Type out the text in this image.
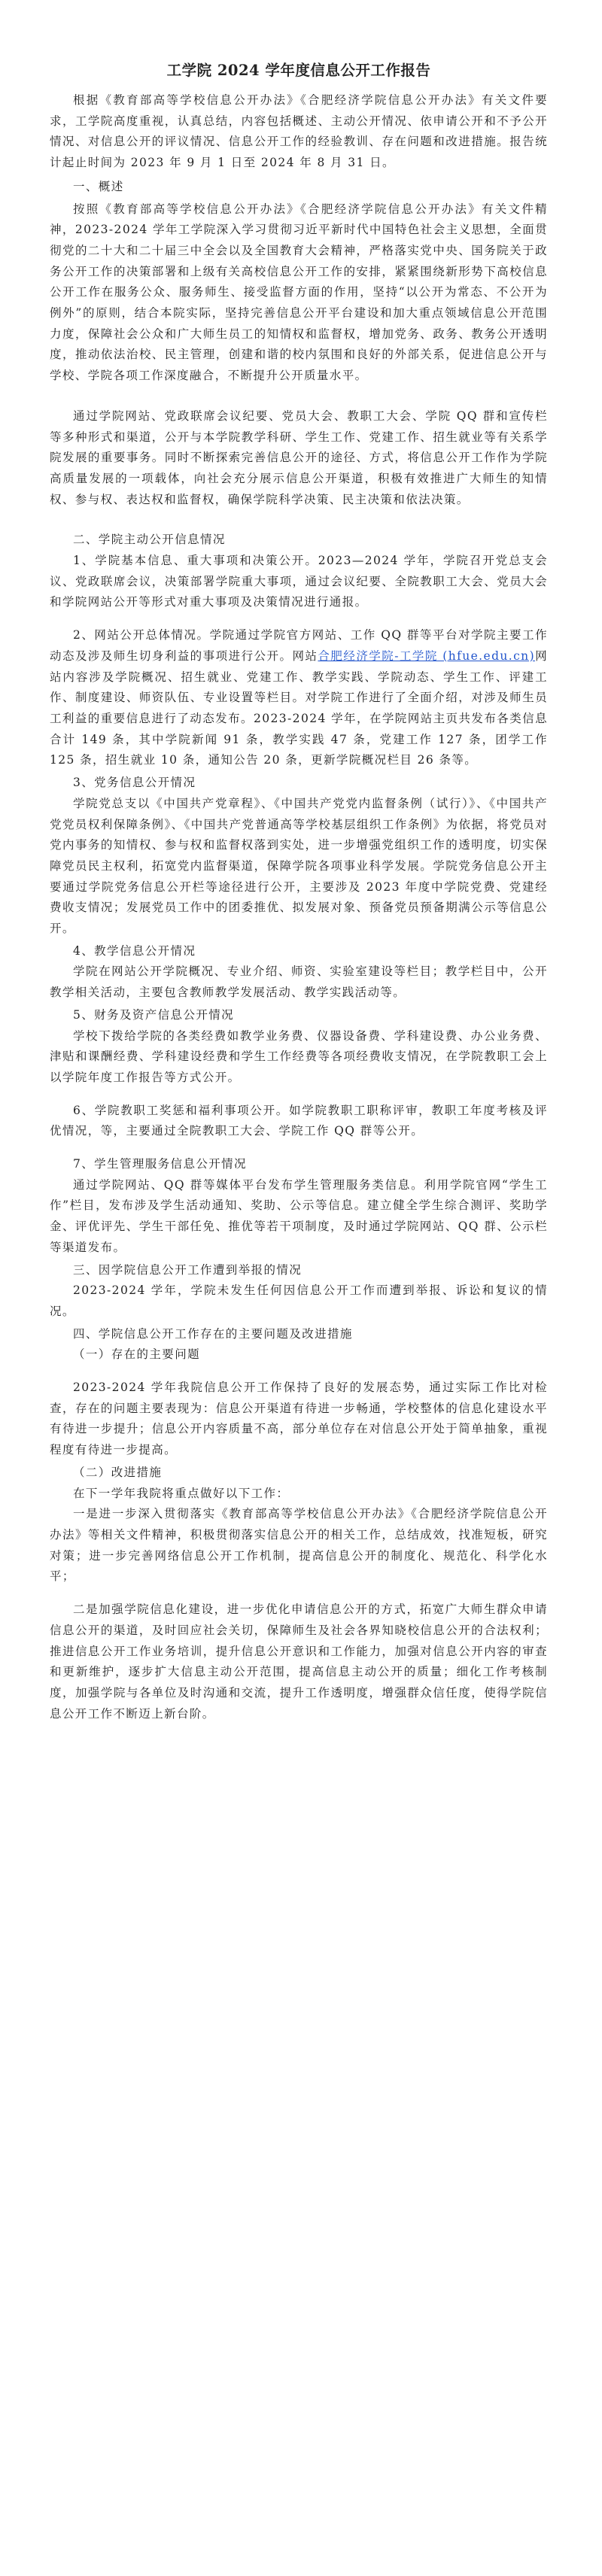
工学院 2024 学年度信息公开工作报告

根据《教育部高等学校信息公开办法》《合肥经济学院信息公开办法》有关文件要求，工学院高度重视，认真总结，内容包括概述、主动公开情况、依申请公开和不予公开情况、对信息公开的评议情况、信息公开工作的经验教训、存在问题和改进措施。报告统计起止时间为 2023 年 9 月 1 日至 2024 年 8 月 31 日。

一、概述

按照《教育部高等学校信息公开办法》《合肥经济学院信息公开办法》有关文件精神，2023-2024 学年工学院深入学习贯彻习近平新时代中国特色社会主义思想，全面贯彻党的二十大和二十届三中全会以及全国教育大会精神，严格落实党中央、国务院关于政务公开工作的决策部署和上级有关高校信息公开工作的安排，紧紧围绕新形势下高校信息公开工作在服务公众、服务师生、接受监督方面的作用，坚持“以公开为常态、不公开为例外”的原则，结合本院实际，坚持完善信息公开平台建设和加大重点领域信息公开范围力度，保障社会公众和广大师生员工的知情权和监督权，增加党务、政务、教务公开透明度，推动依法治校、民主管理，创建和谐的校内氛围和良好的外部关系，促进信息公开与学校、学院各项工作深度融合，不断提升公开质量水平。

通过学院网站、党政联席会议纪要、党员大会、教职工大会、学院 QQ 群和宣传栏等多种形式和渠道，公开与本学院教学科研、学生工作、党建工作、招生就业等有关系学院发展的重要事务。同时不断探索完善信息公开的途径、方式，将信息公开工作作为学院高质量发展的一项载体，向社会充分展示信息公开渠道，积极有效推进广大师生的知情权、参与权、表达权和监督权，确保学院科学决策、民主决策和依法决策。

二、学院主动公开信息情况

1、学院基本信息、重大事项和决策公开。2023—2024 学年，学院召开党总支会议、党政联席会议，决策部署学院重大事项，通过会议纪要、全院教职工大会、党员大会和学院网站公开等形式对重大事项及决策情况进行通报。

2、网站公开总体情况。学院通过学院官方网站、工作 QQ 群等平台对学院主要工作动态及涉及师生切身利益的事项进行公开。网站合肥经济学院-工学院 (hfue.edu.cn)网站内容涉及学院概况、招生就业、党建工作、教学实践、学院动态、学生工作、评建工作、制度建设、师资队伍、专业设置等栏目。对学院工作进行了全面介绍，对涉及师生员工利益的重要信息进行了动态发布。2023-2024 学年，在学院网站主页共发布各类信息合计 149 条，其中学院新闻 91 条，教学实践 47 条，党建工作 127 条，团学工作 125 条，招生就业 10 条，通知公告 20 条，更新学院概况栏目 26 条等。

3、党务信息公开情况

学院党总支以《中国共产党章程》、《中国共产党党内监督条例（试行）》、《中国共产党党员权利保障条例》、《中国共产党普通高等学校基层组织工作条例》为依据，将党员对党内事务的知情权、参与权和监督权落到实处，进一步增强党组织工作的透明度，切实保障党员民主权利，拓宽党内监督渠道，保障学院各项事业科学发展。学院党务信息公开主要通过学院党务信息公开栏等途径进行公开，主要涉及 2023 年度中学院党费、党建经费收支情况；发展党员工作中的团委推优、拟发展对象、预备党员预备期满公示等信息公开。

4、教学信息公开情况

学院在网站公开学院概况、专业介绍、师资、实验室建设等栏目；教学栏目中，公开教学相关活动，主要包含教师教学发展活动、教学实践活动等。

5、财务及资产信息公开情况

学校下拨给学院的各类经费如教学业务费、仪器设备费、学科建设费、办公业务费、津贴和课酬经费、学科建设经费和学生工作经费等各项经费收支情况，在学院教职工会上以学院年度工作报告等方式公开。

6、学院教职工奖惩和福利事项公开。如学院教职工职称评审，教职工年度考核及评优情况，等，主要通过全院教职工大会、学院工作 QQ 群等公开。

7、学生管理服务信息公开情况

通过学院网站、QQ 群等媒体平台发布学生管理服务类信息。利用学院官网“学生工作”栏目，发布涉及学生活动通知、奖助、公示等信息。建立健全学生综合测评、奖助学金、评优评先、学生干部任免、推优等若干项制度，及时通过学院网站、QQ 群、公示栏等渠道发布。

三、因学院信息公开工作遭到举报的情况

2023-2024 学年，学院未发生任何因信息公开工作而遭到举报、诉讼和复议的情况。

四、学院信息公开工作存在的主要问题及改进措施

（一）存在的主要问题

2023-2024 学年我院信息公开工作保持了良好的发展态势，通过实际工作比对检查，存在的问题主要表现为：信息公开渠道有待进一步畅通，学校整体的信息化建设水平有待进一步提升；信息公开内容质量不高，部分单位存在对信息公开处于简单抽象，重视程度有待进一步提高。

（二）改进措施

在下一学年我院将重点做好以下工作：

一是进一步深入贯彻落实《教育部高等学校信息公开办法》《合肥经济学院信息公开办法》等相关文件精神，积极贯彻落实信息公开的相关工作，总结成效，找准短板，研究对策；进一步完善网络信息公开工作机制，提高信息公开的制度化、规范化、科学化水平；

二是加强学院信息化建设，进一步优化申请信息公开的方式，拓宽广大师生群众申请信息公开的渠道，及时回应社会关切，保障师生及社会各界知晓校信息公开的合法权利；推进信息公开工作业务培训，提升信息公开意识和工作能力，加强对信息公开内容的审查和更新维护，逐步扩大信息主动公开范围，提高信息主动公开的质量；细化工作考核制度，加强学院与各单位及时沟通和交流，提升工作透明度，增强群众信任度，使得学院信息公开工作不断迈上新台阶。
